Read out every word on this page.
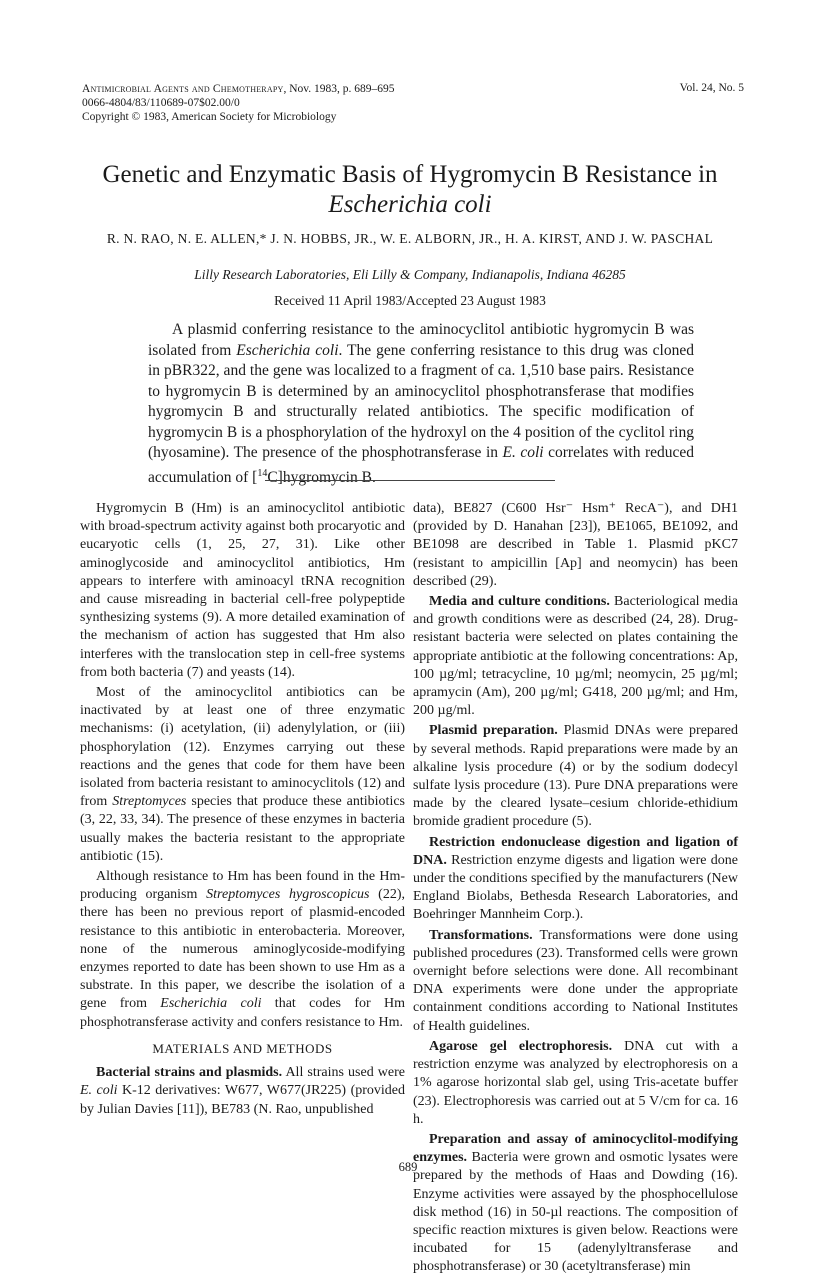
Antimicrobial Agents and Chemotherapy, Nov. 1983, p. 689–695
0066-4804/83/110689-07$02.00/0
Copyright © 1983, American Society for Microbiology
Vol. 24, No. 5
Genetic and Enzymatic Basis of Hygromycin B Resistance in
Escherichia coli
R. N. RAO, N. E. ALLEN,* J. N. HOBBS, JR., W. E. ALBORN, JR., H. A. KIRST, AND J. W. PASCHAL
Lilly Research Laboratories, Eli Lilly & Company, Indianapolis, Indiana 46285
Received 11 April 1983/Accepted 23 August 1983
A plasmid conferring resistance to the aminocyclitol antibiotic hygromycin B was isolated from Escherichia coli. The gene conferring resistance to this drug was cloned in pBR322, and the gene was localized to a fragment of ca. 1,510 base pairs. Resistance to hygromycin B is determined by an aminocyclitol phosphotransferase that modifies hygromycin B and structurally related antibiotics. The specific modification of hygromycin B is a phosphorylation of the hydroxyl on the 4 position of the cyclitol ring (hyosamine). The presence of the phosphotransferase in E. coli correlates with reduced accumulation of [$^{14}$C]hygromycin B.

Hygromycin B (Hm) is an aminocyclitol antibiotic with broad-spectrum activity against both procaryotic and eucaryotic cells (1, 25, 27, 31). Like other aminoglycoside and aminocyclitol antibiotics, Hm appears to interfere with aminoacyl tRNA recognition and cause misreading in bacterial cell-free polypeptide synthesizing systems (9). A more detailed examination of the mechanism of action has suggested that Hm also interferes with the translocation step in cell-free systems from both bacteria (7) and yeasts (14).

Most of the aminocyclitol antibiotics can be inactivated by at least one of three enzymatic mechanisms: (i) acetylation, (ii) adenylylation, or (iii) phosphorylation (12). Enzymes carrying out these reactions and the genes that code for them have been isolated from bacteria resistant to aminocyclitols (12) and from Streptomyces species that produce these antibiotics (3, 22, 33, 34). The presence of these enzymes in bacteria usually makes the bacteria resistant to the appropriate antibiotic (15).

Although resistance to Hm has been found in the Hm-producing organism Streptomyces hygroscopicus (22), there has been no previous report of plasmid-encoded resistance to this antibiotic in enterobacteria. Moreover, none of the numerous aminoglycoside-modifying enzymes reported to date has been shown to use Hm as a substrate. In this paper, we describe the isolation of a gene from Escherichia coli that codes for Hm phosphotransferase activity and confers resistance to Hm.

MATERIALS AND METHODS

Bacterial strains and plasmids. All strains used were E. coli K-12 derivatives: W677, W677(JR225) (provided by Julian Davies [11]), BE783 (N. Rao, unpublished

data), BE827 (C600 Hsr⁻ Hsm⁺ RecA⁻), and DH1 (provided by D. Hanahan [23]), BE1065, BE1092, and BE1098 are described in Table 1. Plasmid pKC7 (resistant to ampicillin [Ap] and neomycin) has been described (29).

Media and culture conditions. Bacteriological media and growth conditions were as described (24, 28). Drug-resistant bacteria were selected on plates containing the appropriate antibiotic at the following concentrations: Ap, 100 µg/ml; tetracycline, 10 µg/ml; neomycin, 25 µg/ml; apramycin (Am), 200 µg/ml; G418, 200 µg/ml; and Hm, 200 µg/ml.

Plasmid preparation. Plasmid DNAs were prepared by several methods. Rapid preparations were made by an alkaline lysis procedure (4) or by the sodium dodecyl sulfate lysis procedure (13). Pure DNA preparations were made by the cleared lysate–cesium chloride-ethidium bromide gradient procedure (5).

Restriction endonuclease digestion and ligation of DNA. Restriction enzyme digests and ligation were done under the conditions specified by the manufacturers (New England Biolabs, Bethesda Research Laboratories, and Boehringer Mannheim Corp.).

Transformations. Transformations were done using published procedures (23). Transformed cells were grown overnight before selections were done. All recombinant DNA experiments were done under the appropriate containment conditions according to National Institutes of Health guidelines.

Agarose gel electrophoresis. DNA cut with a restriction enzyme was analyzed by electrophoresis on a 1% agarose horizontal slab gel, using Tris-acetate buffer (23). Electrophoresis was carried out at 5 V/cm for ca. 16 h.

Preparation and assay of aminocyclitol-modifying enzymes. Bacteria were grown and osmotic lysates were prepared by the methods of Haas and Dowding (16). Enzyme activities were assayed by the phosphocellulose disk method (16) in 50-µl reactions. The composition of specific reaction mixtures is given below. Reactions were incubated for 15 (adenylyltransferase and phosphotransferase) or 30 (acetyltransferase) min

689
